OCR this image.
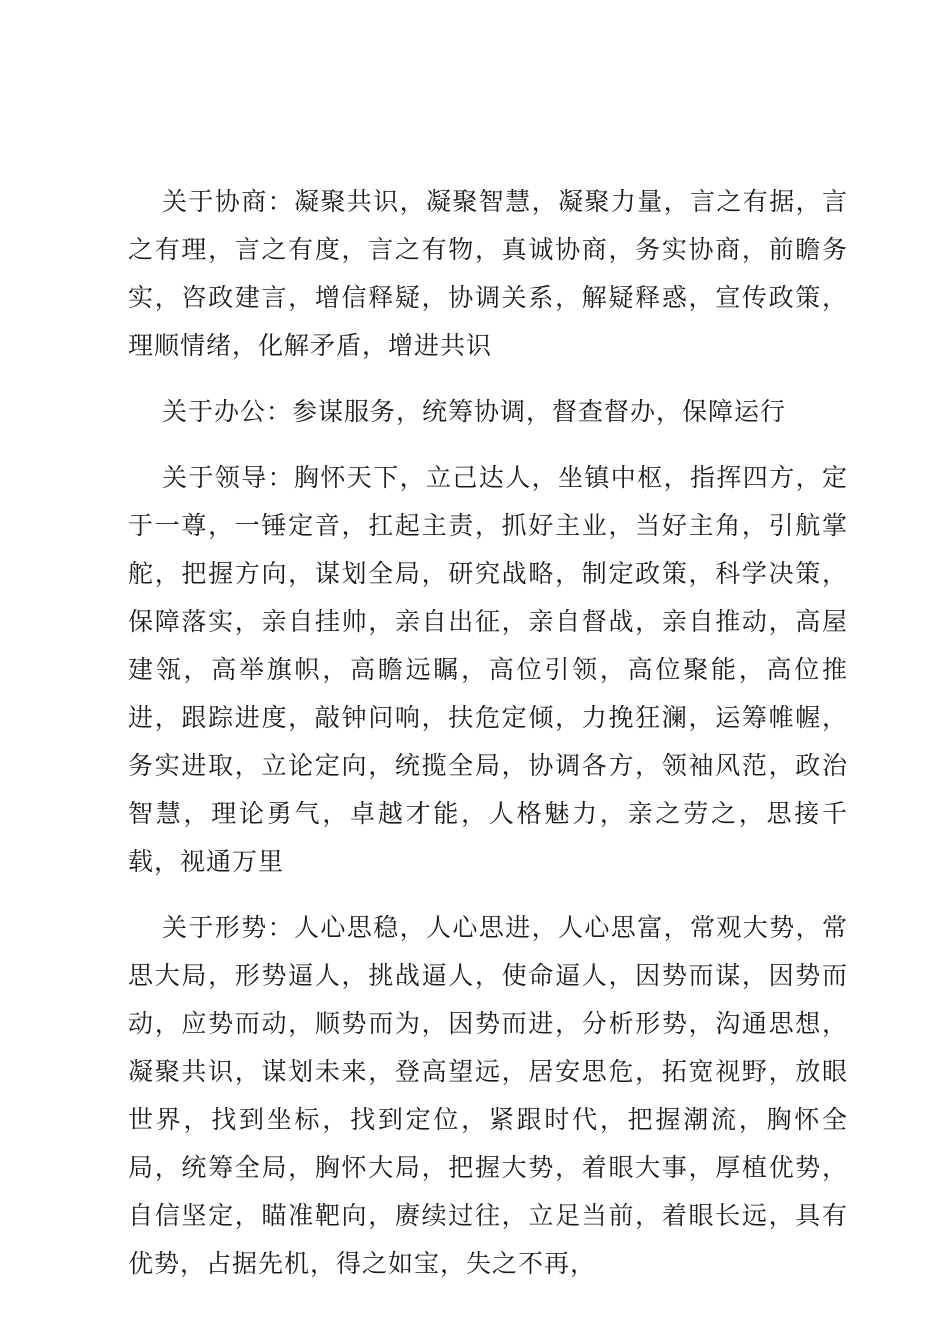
关于协商：凝聚共识，凝聚智慧，凝聚力量，言之有据，言之有理，言之有度，言之有物，真诚协商，务实协商，前瞻务实，咨政建言，增信释疑，协调关系，解疑释惑，宣传政策，理顺情绪，化解矛盾，增进共识

关于办公：参谋服务，统筹协调，督查督办，保障运行

关于领导：胸怀天下，立己达人，坐镇中枢，指挥四方，定于一尊，一锤定音，扛起主责，抓好主业，当好主角，引航掌舵，把握方向，谋划全局，研究战略，制定政策，科学决策，保障落实，亲自挂帅，亲自出征，亲自督战，亲自推动，高屋建瓴，高举旗帜，高瞻远瞩，高位引领，高位聚能，高位推进，跟踪进度，敲钟问响，扶危定倾，力挽狂澜，运筹帷幄，务实进取，立论定向，统揽全局，协调各方，领袖风范，政治智慧，理论勇气，卓越才能，人格魅力，亲之劳之，思接千载，视通万里

关于形势：人心思稳，人心思进，人心思富，常观大势，常思大局，形势逼人，挑战逼人，使命逼人，因势而谋，因势而动，应势而动，顺势而为，因势而进，分析形势，沟通思想，凝聚共识，谋划未来，登高望远，居安思危，拓宽视野，放眼世界，找到坐标，找到定位，紧跟时代，把握潮流，胸怀全局，统筹全局，胸怀大局，把握大势，着眼大事，厚植优势，自信坚定，瞄准靶向，赓续过往，立足当前，着眼长远，具有优势，占据先机，得之如宝，失之不再，
